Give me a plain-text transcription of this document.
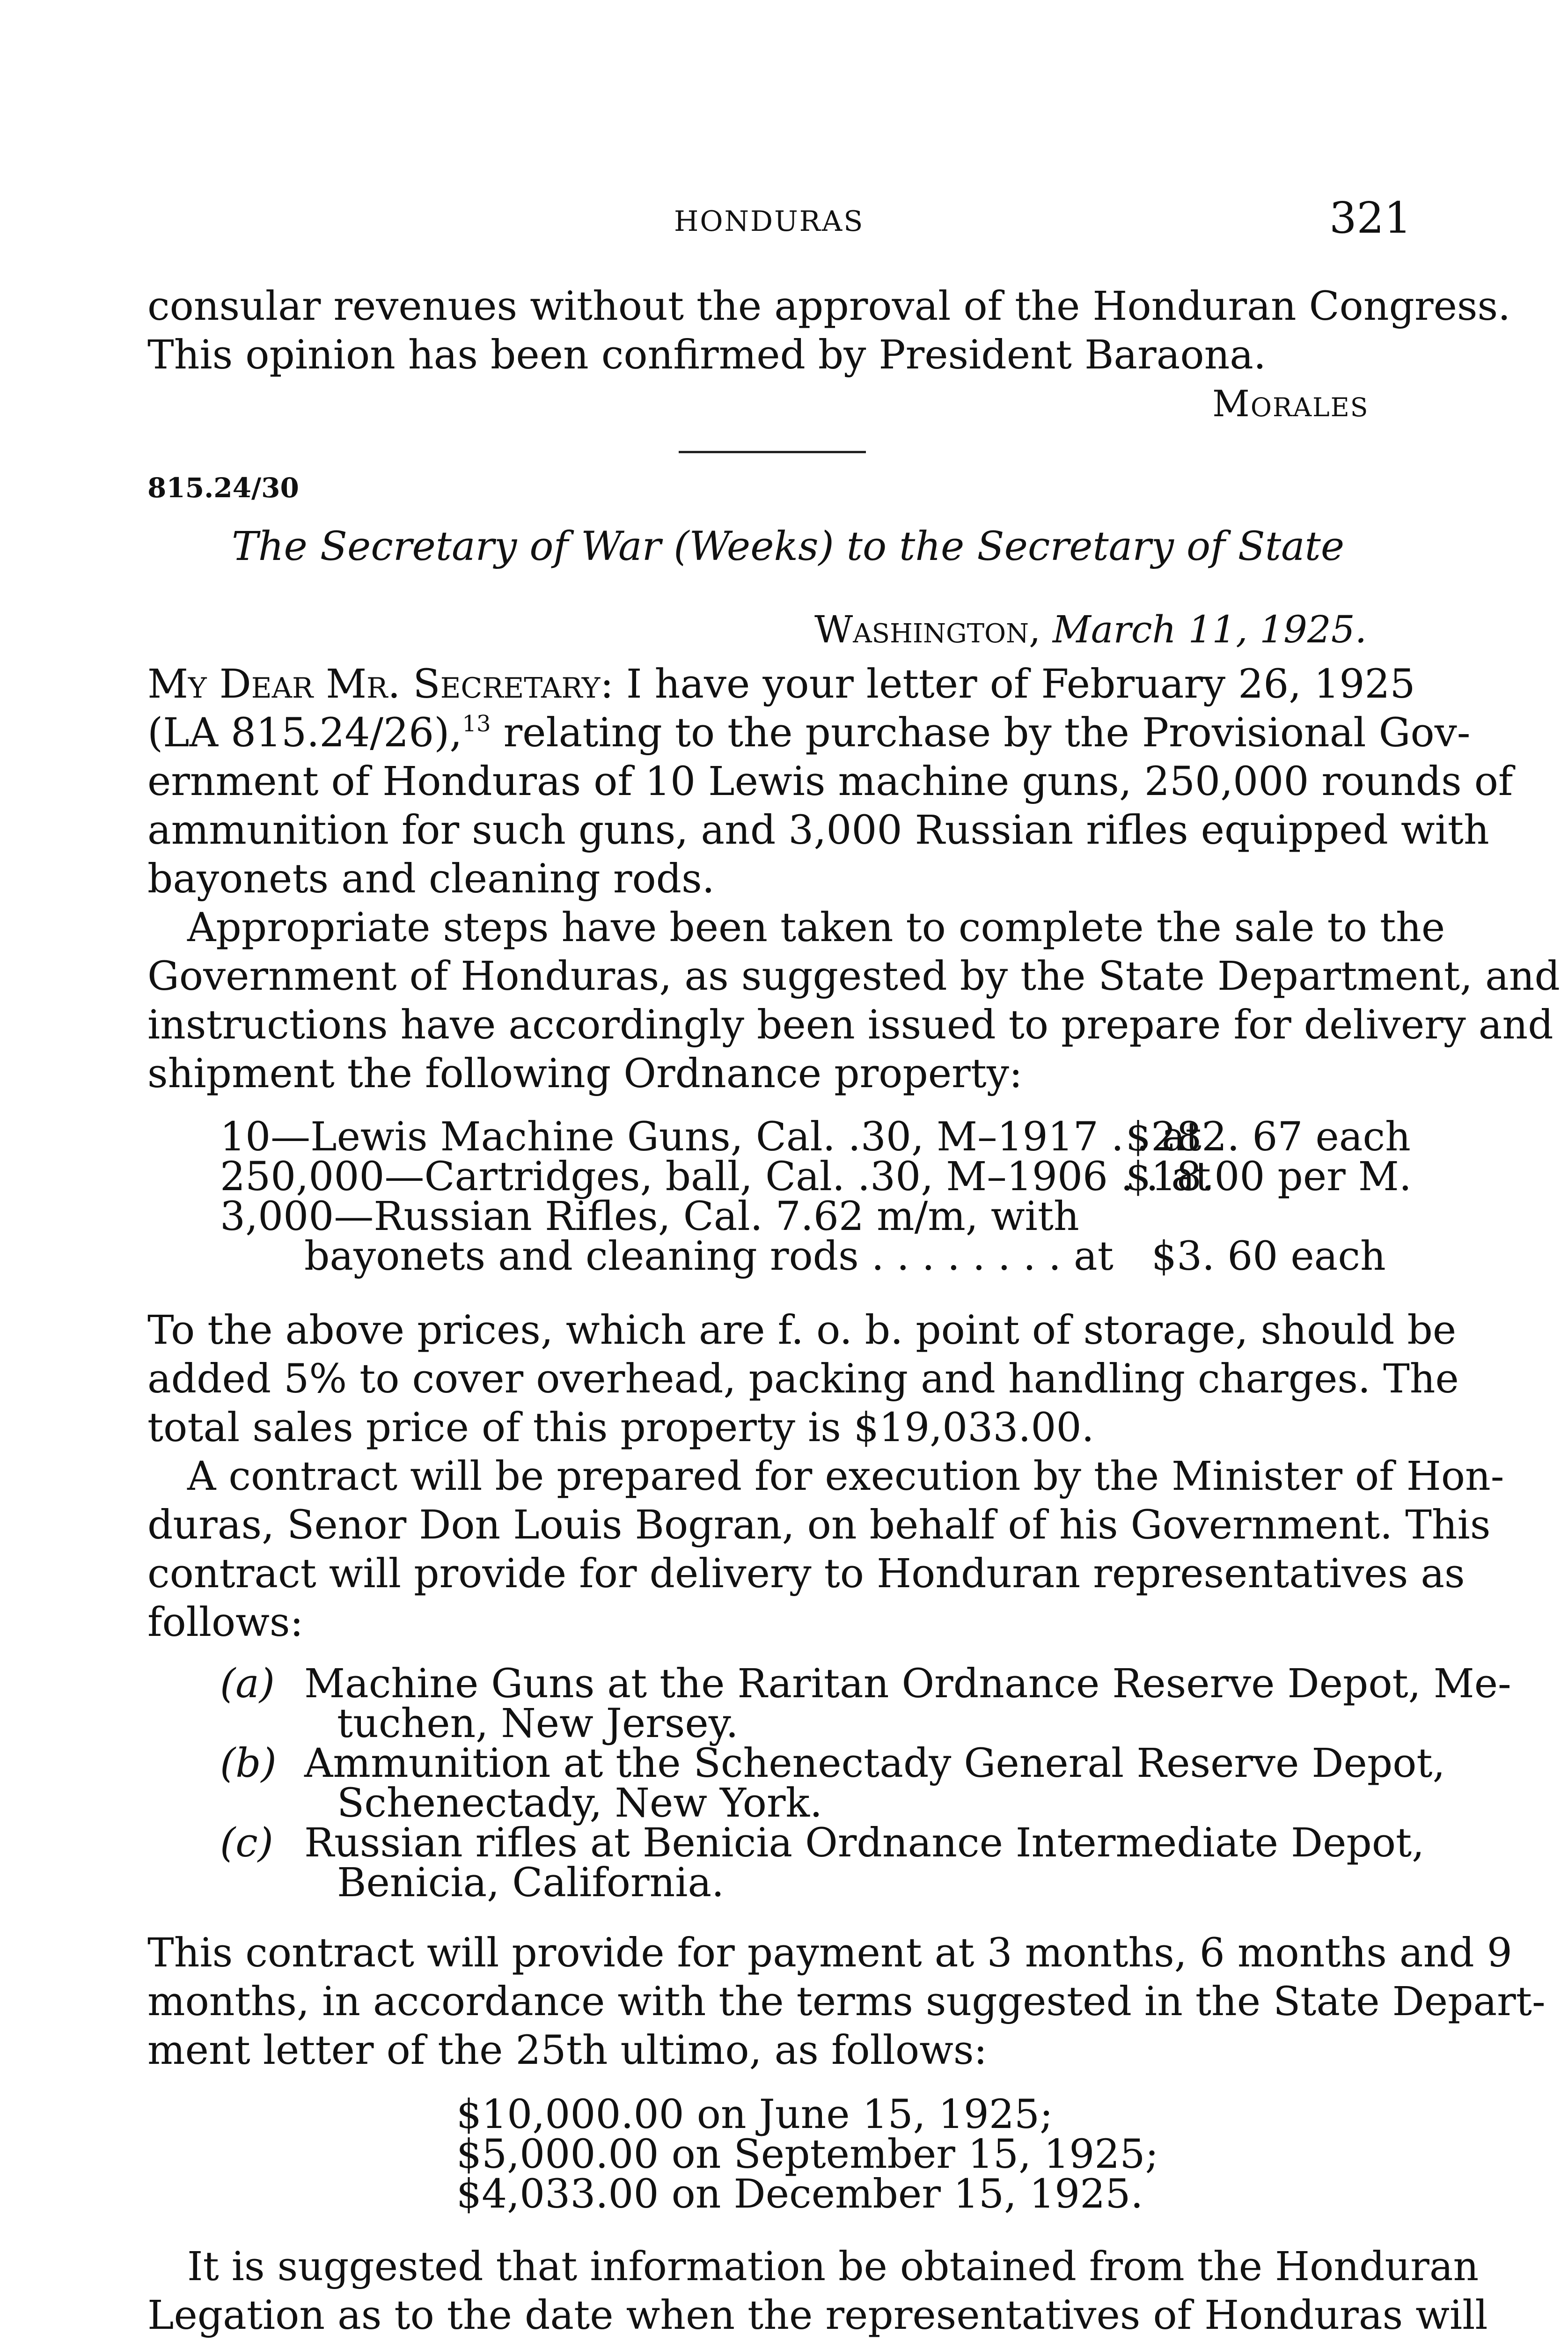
HONDURAS	321
consular revenues without the approval of the Honduran Congress.
This opinion has been confirmed by President Baraona.
Morales
815.24/30
The Secretary of War (Weeks) to the Secretary of State
Washington, March 11, 1925.
My Dear Mr. Secretary: I have your letter of February 26, 1925
(LA 815.24/26),$^{13}$ relating to the purchase by the Provisional Gov-
ernment of Honduras of 10 Lewis machine guns, 250,000 rounds of
ammunition for such guns, and 3,000 Russian rifles equipped with
bayonets and cleaning rods.
Appropriate steps have been taken to complete the sale to the
Government of Honduras, as suggested by the State Department, and
instructions have accordingly been issued to prepare for delivery and
shipment the following Ordnance property:
10—Lewis Machine Guns, Cal. .30, M–1917 . . at
$282. 67 each
250,000—Cartridges, ball, Cal. .30, M–1906 . . at
$18.00 per M.
3,000—Russian Rifles, Cal. 7.62 m/m, with
bayonets and cleaning rods . . . . . . . . at $3. 60 each
To the above prices, which are f. o. b. point of storage, should be
added 5% to cover overhead, packing and handling charges. The
total sales price of this property is $19,033.00.
A contract will be prepared for execution by the Minister of Hon-
duras, Senor Don Louis Bogran, on behalf of his Government. This
contract will provide for delivery to Honduran representatives as
follows:
(a) Machine Guns at the Raritan Ordnance Reserve Depot, Me-
tuchen, New Jersey.
(b) Ammunition at the Schenectady General Reserve Depot,
Schenectady, New York.
(c) Russian rifles at Benicia Ordnance Intermediate Depot,
Benicia, California.
This contract will provide for payment at 3 months, 6 months and 9
months, in accordance with the terms suggested in the State Depart-
ment letter of the 25th ultimo, as follows:
$10,000.00 on June 15, 1925;
$5,000.00 on September 15, 1925;
$4,033.00 on December 15, 1925.
It is suggested that information be obtained from the Honduran
Legation as to the date when the representatives of Honduras will
